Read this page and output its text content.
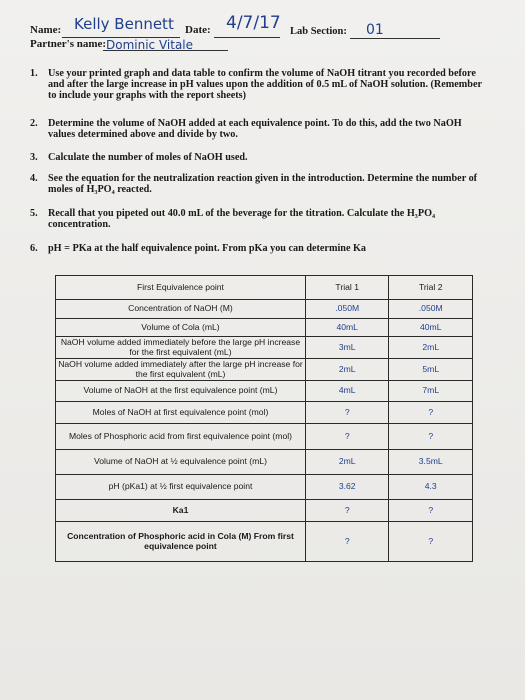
Name: Kelly Bennett Date: 4/7/17 Lab Section: 01
Partner's name: Dominic Vitale
1. Use your printed graph and data table to confirm the volume of NaOH titrant you recorded before and after the large increase in pH values upon the addition of 0.5 mL of NaOH solution. (Remember to include your graphs with the report sheets)
2. Determine the volume of NaOH added at each equivalence point. To do this, add the two NaOH values determined above and divide by two.
3. Calculate the number of moles of NaOH used.
4. See the equation for the neutralization reaction given in the introduction. Determine the number of moles of H₃PO₄ reacted.
5. Recall that you pipeted out 40.0 mL of the beverage for the titration. Calculate the H₃PO₄ concentration.
6. pH = PKa at the half equivalence point. From pKa you can determine Ka
First Equivalence point	Trial 1	Trial 2
Concentration of NaOH (M)	.050M	.050M
Volume of Cola (mL)	40mL	40mL
NaOH volume added immediately before the large pH increase for the first equivalent (mL)	3mL	2mL
NaOH volume added immediately after the large pH increase for the first equivalent (mL)	2mL	5mL
Volume of NaOH at the first equivalence point (mL)	4mL	7mL
Moles of NaOH at first equivalence point (mol)	?	?
Moles of Phosphoric acid from first equivalence point (mol)	?	?
Volume of NaOH at ½ equivalence point (mL)	2mL	3.5mL
pH (pKa1) at ½ first equivalence point	3.62	4.3
Ka1	?	?
Concentration of Phosphoric acid in Cola (M) From first equivalence point	?	?
